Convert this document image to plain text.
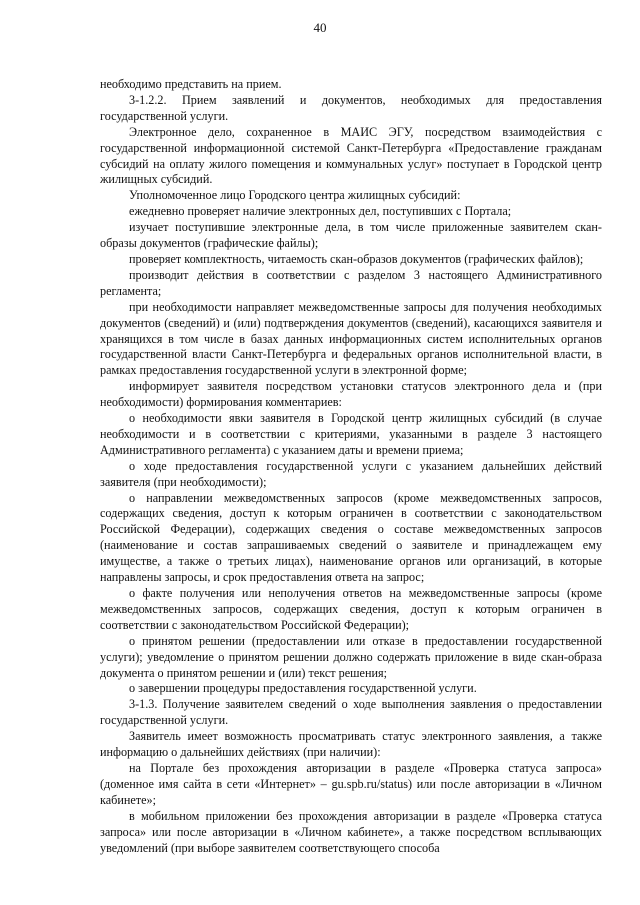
40

необходимо представить на прием.

3-1.2.2. Прием заявлений и документов, необходимых для предоставления государственной услуги.

Электронное дело, сохраненное в МАИС ЭГУ, посредством взаимодействия с государственной информационной системой Санкт-Петербурга «Предоставление гражданам субсидий на оплату жилого помещения и коммунальных услуг» поступает в Городской центр жилищных субсидий.

Уполномоченное лицо Городского центра жилищных субсидий:

ежедневно проверяет наличие электронных дел, поступивших с Портала;

изучает поступившие электронные дела, в том числе приложенные заявителем скан-образы документов (графические файлы);

проверяет комплектность, читаемость скан-образов документов (графических файлов);

производит действия в соответствии с разделом 3 настоящего Административного регламента;

при необходимости направляет межведомственные запросы для получения необходимых документов (сведений) и (или) подтверждения документов (сведений), касающихся заявителя и хранящихся в том числе в базах данных информационных систем исполнительных органов государственной власти Санкт-Петербурга и федеральных органов исполнительной власти, в рамках предоставления государственной услуги в электронной форме;

информирует заявителя посредством установки статусов электронного дела и (при необходимости) формирования комментариев:

о необходимости явки заявителя в Городской центр жилищных субсидий (в случае необходимости и в соответствии с критериями, указанными в разделе 3 настоящего Административного регламента) с указанием даты и времени приема;

о ходе предоставления государственной услуги с указанием дальнейших действий заявителя (при необходимости);

о направлении межведомственных запросов (кроме межведомственных запросов, содержащих сведения, доступ к которым ограничен в соответствии с законодательством Российской Федерации), содержащих сведения о составе межведомственных запросов (наименование и состав запрашиваемых сведений о заявителе и принадлежащем ему имуществе, а также о третьих лицах), наименование органов или организаций, в которые направлены запросы, и срок предоставления ответа на запрос;

о факте получения или неполучения ответов на межведомственные запросы (кроме межведомственных запросов, содержащих сведения, доступ к которым ограничен в соответствии с законодательством Российской Федерации);

о принятом решении (предоставлении или отказе в предоставлении государственной услуги); уведомление о принятом решении должно содержать приложение в виде скан-образа документа о принятом решении и (или) текст решения;

о завершении процедуры предоставления государственной услуги.

3-1.3. Получение заявителем сведений о ходе выполнения заявления о предоставлении государственной услуги.

Заявитель имеет возможность просматривать статус электронного заявления, а также информацию о дальнейших действиях (при наличии):

на Портале без прохождения авторизации в разделе «Проверка статуса запроса» (доменное имя сайта в сети «Интернет» – gu.spb.ru/status) или после авторизации в «Личном кабинете»;

в мобильном приложении без прохождения авторизации в разделе «Проверка статуса запроса» или после авторизации в «Личном кабинете», а также посредством всплывающих уведомлений (при выборе заявителем соответствующего способа
